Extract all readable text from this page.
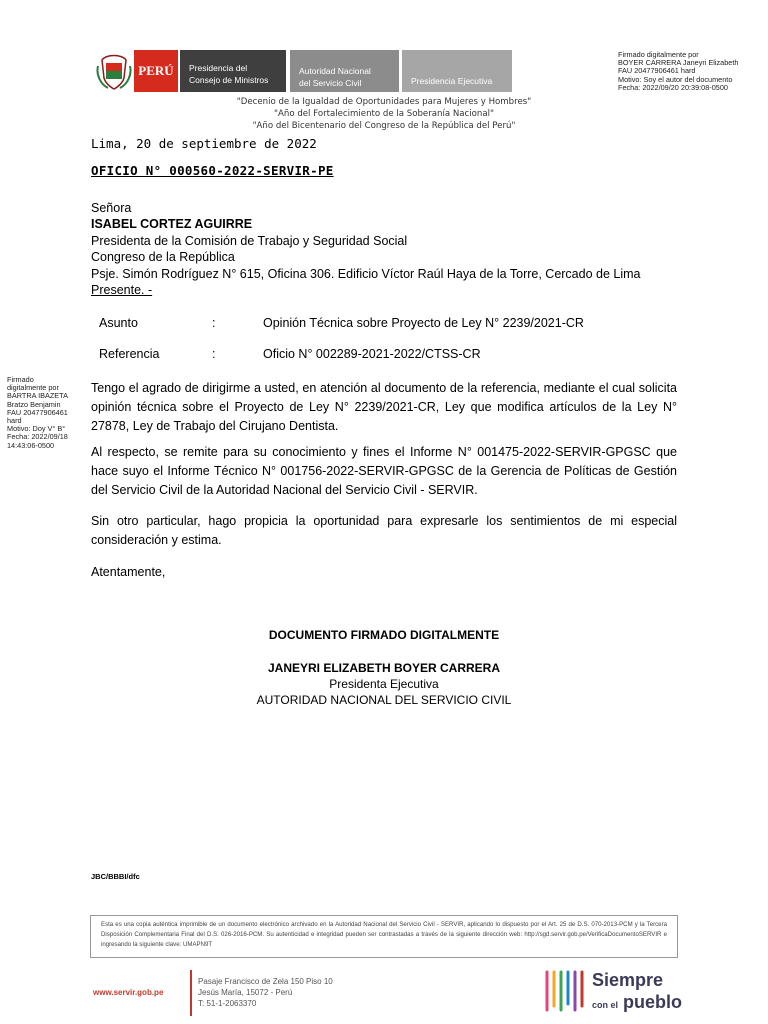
PERÚ	Presidencia del
Consejo de Ministros
Autoridad Nacional
del Servicio Civil	Presidencia Ejecutiva
Firmado digitalmente por
BOYER CARRERA Janeyri Elizabeth
FAU 20477906461 hard
Motivo: Soy el autor del documento
Fecha: 2022/09/20 20:39:08-0500
"Decenio de la Igualdad de Oportunidades para Mujeres y Hombres"
"Año del Fortalecimiento de la Soberanía Nacional"
"Año del Bicentenario del Congreso de la República del Perú"
Lima, 20 de septiembre de 2022
OFICIO N° 000560-2022-SERVIR-PE
Señora
ISABEL CORTEZ AGUIRRE
Presidenta de la Comisión de Trabajo y Seguridad Social
Congreso de la República
Psje. Simón Rodríguez N° 615, Oficina 306. Edificio Víctor Raúl Haya de la Torre, Cercado de Lima
Presente. -
Asunto	:	Opinión Técnica sobre Proyecto de Ley N° 2239/2021-CR
Referencia	:	Oficio N° 002289-2021-2022/CTSS-CR
Firmado
digitalmente por
BARTRA IBAZETA
Bratzo Benjamin
FAU 20477906461
hard
Motivo: Doy V° B°
Fecha: 2022/09/18
14:43:06-0500
Tengo el agrado de dirigirme a usted, en atención al documento de la referencia, mediante el cual solicita opinión técnica sobre el Proyecto de Ley N° 2239/2021-CR, Ley que modifica artículos de la Ley N° 27878, Ley de Trabajo del Cirujano Dentista.
Al respecto, se remite para su conocimiento y fines el Informe N° 001475-2022-SERVIR-GPGSC que hace suyo el Informe Técnico N° 001756-2022-SERVIR-GPGSC de la Gerencia de Políticas de Gestión del Servicio Civil de la Autoridad Nacional del Servicio Civil - SERVIR.
Sin otro particular, hago propicia la oportunidad para expresarle los sentimientos de mi especial consideración y estima.
Atentamente,
DOCUMENTO FIRMADO DIGITALMENTE
JANEYRI ELIZABETH BOYER CARRERA
Presidenta Ejecutiva
AUTORIDAD NACIONAL DEL SERVICIO CIVIL
JBC/BBBI/dfc
Esta es una copia auténtica imprimible de un documento electrónico archivado en la Autoridad Nacional del Servicio Civil - SERVIR, aplicando lo dispuesto por el Art. 25 de D.S. 070-2013-PCM y la Tercera Disposición Complementaria Final del D.S. 026-2016-PCM. Su autenticidad e integridad pueden ser contrastadas a través de la siguiente dirección web: http://sgd.servir.gob.pe/VerificaDocumentoSERVIR e ingresando la siguiente clave: UMAPN9T
www.servir.gob.pe
Pasaje Francisco de Zela 150 Piso 10
Jesús María, 15072 - Perú
T: 51-1-2063370
Siempre
con el pueblo
